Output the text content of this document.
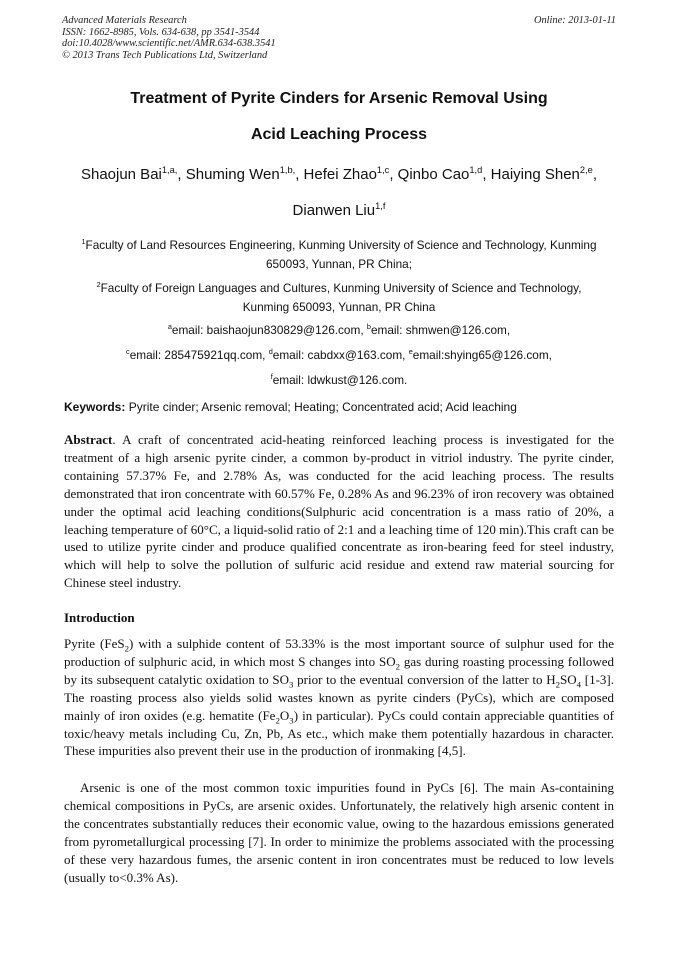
Advanced Materials Research
ISSN: 1662-8985, Vols. 634-638, pp 3541-3544
doi:10.4028/www.scientific.net/AMR.634-638.3541
© 2013 Trans Tech Publications Ltd, Switzerland
Online: 2013-01-11
Treatment of Pyrite Cinders for Arsenic Removal Using
Acid Leaching Process
Shaojun Bai$^{1,a,}$, Shuming Wen$^{1,b,}$, Hefei Zhao$^{1,c}$, Qinbo Cao$^{1,d}$, Haiying Shen$^{2,e}$,
Dianwen Liu$^{1,f}$
$^1$Faculty of Land Resources Engineering, Kunming University of Science and Technology, Kunming
650093, Yunnan, PR China;
$^2$Faculty of Foreign Languages and Cultures, Kunming University of Science and Technology,
Kunming 650093, Yunnan, PR China
$^a$email: baishaojun830829@126.com, $^b$email: shmwen@126.com,
$^c$email: 285475921qq.com, $^d$email: cabdxx@163.com, $^e$email:shying65@126.com,
$^f$email: ldwkust@126.com.
Keywords: Pyrite cinder; Arsenic removal; Heating; Concentrated acid; Acid leaching
Abstract. A craft of concentrated acid-heating reinforced leaching process is investigated for the treatment of a high arsenic pyrite cinder, a common by-product in vitriol industry. The pyrite cinder, containing 57.37% Fe, and 2.78% As, was conducted for the acid leaching process. The results demonstrated that iron concentrate with 60.57% Fe, 0.28% As and 96.23% of iron recovery was obtained under the optimal acid leaching conditions(Sulphuric acid concentration is a mass ratio of 20%, a leaching temperature of 60°C, a liquid-solid ratio of 2:1 and a leaching time of 120 min).This craft can be used to utilize pyrite cinder and produce qualified concentrate as iron-bearing feed for steel industry, which will help to solve the pollution of sulfuric acid residue and extend raw material sourcing for Chinese steel industry.
Introduction
Pyrite (FeS$_2$) with a sulphide content of 53.33% is the most important source of sulphur used for the production of sulphuric acid, in which most S changes into $SO_2$ gas during roasting processing followed by its subsequent catalytic oxidation to $SO_3$ prior to the eventual conversion of the latter to $H_2SO_4$ [1-3]. The roasting process also yields solid wastes known as pyrite cinders (PyCs), which are composed mainly of iron oxides (e.g. hematite $(Fe_2O_3)$ in particular). PyCs could contain appreciable quantities of toxic/heavy metals including Cu, Zn, Pb, As etc., which make them potentially hazardous in character. These impurities also prevent their use in the production of ironmaking [4,5].
Arsenic is one of the most common toxic impurities found in PyCs [6]. The main As-containing chemical compositions in PyCs, are arsenic oxides. Unfortunately, the relatively high arsenic content in the concentrates substantially reduces their economic value, owing to the hazardous emissions generated from pyrometallurgical processing [7]. In order to minimize the problems associated with the processing of these very hazardous fumes, the arsenic content in iron concentrates must be reduced to low levels (usually to<0.3% As).
